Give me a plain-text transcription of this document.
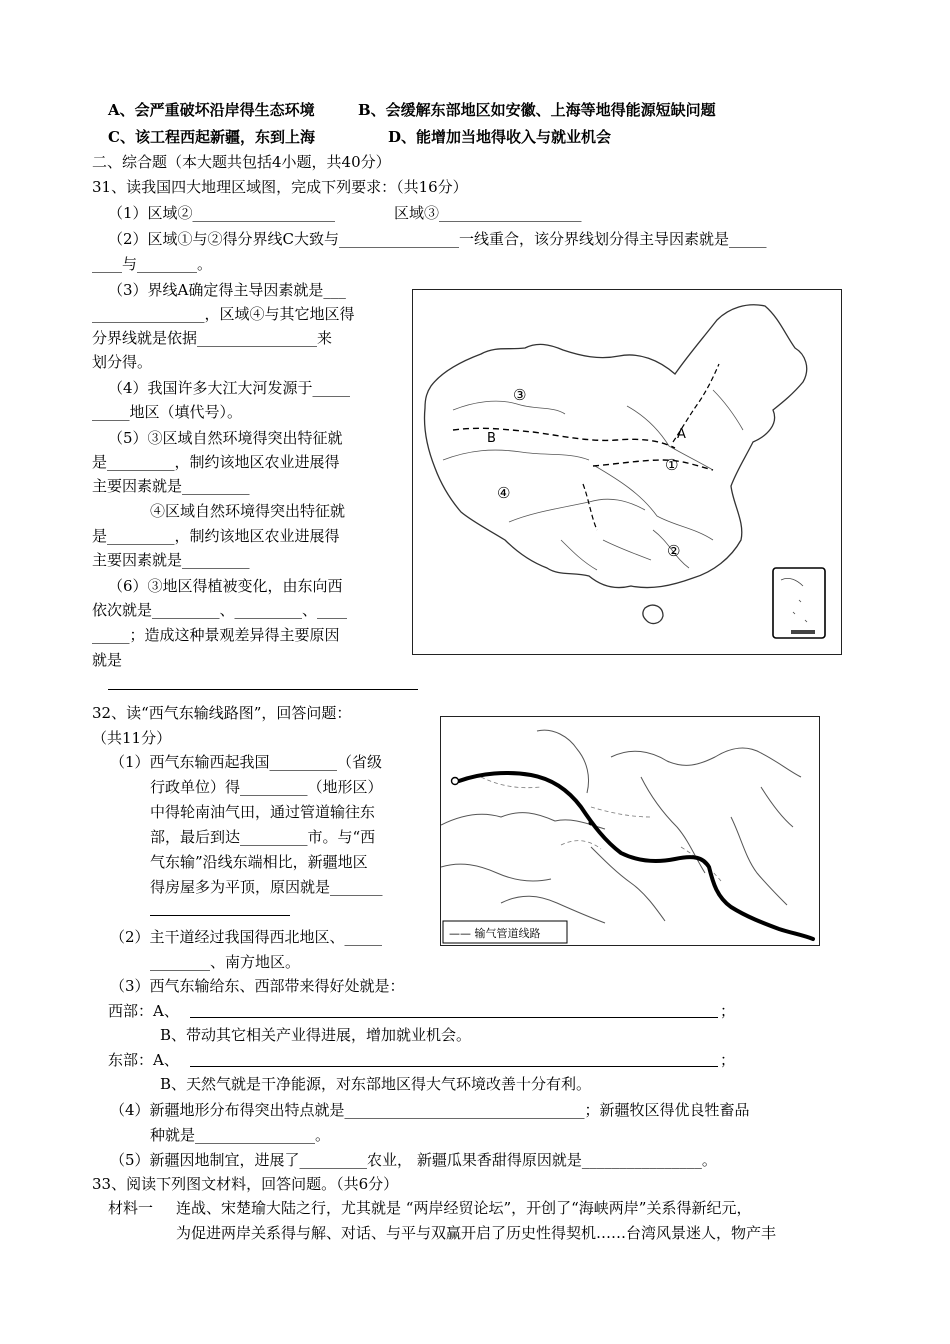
A、会严重破坏沿岸得生态环境	B、会缓解东部地区如安徽、上海等地得能源短缺问题
C、该工程西起新疆，东到上海	D、能增加当地得收入与就业机会
二、综合题（本大题共包括4小题，共40分）
31、读我国四大地理区域图，完成下列要求：（共16分）
（1）区域②___________________	区域③___________________
（2）区域①与②得分界线C大致与________________一线重合，该分界线划分得主导因素就是_____
____与________。
（3）界线A确定得主导因素就是___
_______________，区域④与其它地区得
分界线就是依据________________来
划分得。
（4）我国许多大江大河发源于_____
_____地区（填代号）。
（5）③区域自然环境得突出特征就
是_________，制约该地区农业进展得
主要因素就是_________
④区域自然环境得突出特征就
是_________，制约该地区农业进展得
主要因素就是_________
（6）③地区得植被变化，由东向西
依次就是_________、_________、____
_____；造成这种景观差异得主要原因
就是
③
①
②
④
A
B
32、读“西气东输线路图”，回答问题：
（共11分）
（1）西气东输西起我国_________（省级
行政单位）得_________（地形区）
中得轮南油气田，通过管道输往东
部，最后到达_________市。与“西
气东输”沿线东端相比，新疆地区
得房屋多为平顶，原因就是_______
（2）主干道经过我国得西北地区、_____
________、南方地区。
（3）西气东输给东、西部带来得好处就是：
西部：A、	；
B、带动其它相关产业得进展，增加就业机会。
东部：A、	；
B、天然气就是干净能源，对东部地区得大气环境改善十分有利。
（4）新疆地形分布得突出特点就是________________________________；新疆牧区得优良牲畜品
种就是________________。
（5）新疆因地制宜，进展了_________农业， 新疆瓜果香甜得原因就是________________。
—— 输气管道线路
33、阅读下列图文材料，回答问题。（共6分）
材料一 连战、宋楚瑜大陆之行，尤其就是 “两岸经贸论坛”，开创了“海峡两岸”关系得新纪元，
为促进两岸关系得与解、对话、与平与双赢开启了历史性得契机……台湾风景迷人，物产丰
